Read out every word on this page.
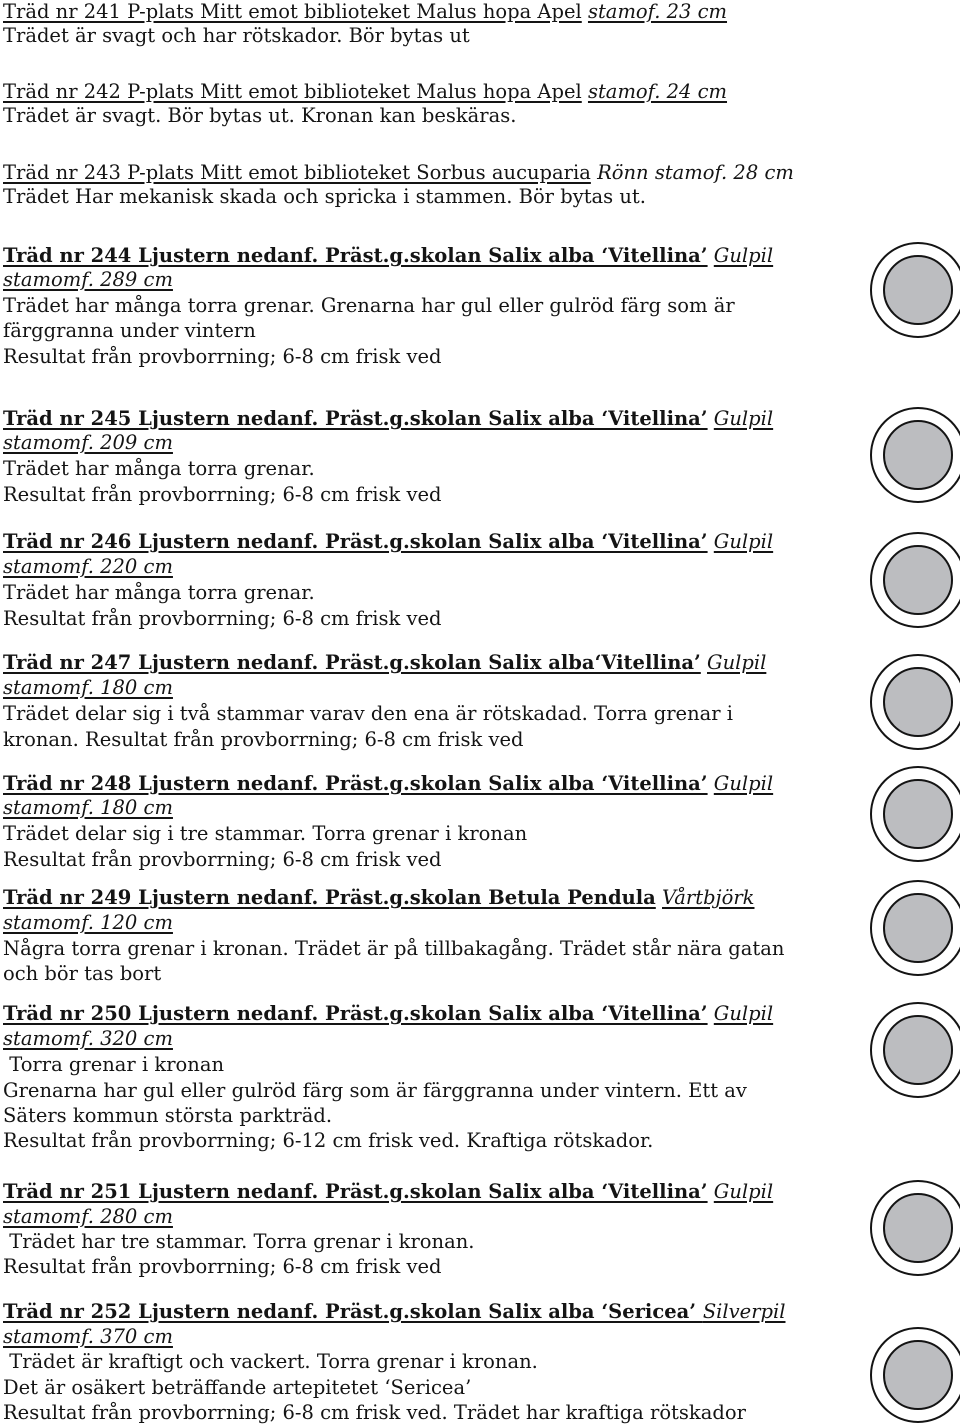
Träd nr 241 P-plats Mitt emot biblioteket Malus hopa Apel stamof. 23 cm
Trädet är svagt och har rötskador. Bör bytas ut
Träd nr 242 P-plats Mitt emot biblioteket Malus hopa Apel stamof. 24 cm
Trädet är svagt. Bör bytas ut. Kronan kan beskäras.
Träd nr 243 P-plats Mitt emot biblioteket Sorbus aucuparia Rönn stamof. 28 cm
Trädet Har mekanisk skada och spricka i stammen. Bör bytas ut.
Träd nr 244 Ljustern nedanf. Präst.g.skolan Salix alba ‘Vitellina’ Gulpil
stamomf. 289 cm
Trädet har många torra grenar. Grenarna har gul eller gulröd färg som är
färggranna under vintern
Resultat från provborrning; 6-8 cm frisk ved
Träd nr 245 Ljustern nedanf. Präst.g.skolan Salix alba ‘Vitellina’ Gulpil
stamomf. 209 cm
Trädet har många torra grenar.
Resultat från provborrning; 6-8 cm frisk ved
Träd nr 246 Ljustern nedanf. Präst.g.skolan Salix alba ‘Vitellina’ Gulpil
stamomf. 220 cm
Trädet har många torra grenar.
Resultat från provborrning; 6-8 cm frisk ved
Träd nr 247 Ljustern nedanf. Präst.g.skolan Salix alba‘Vitellina’ Gulpil
stamomf. 180 cm
Trädet delar sig i två stammar varav den ena är rötskadad. Torra grenar i
kronan. Resultat från provborrning; 6-8 cm frisk ved
Träd nr 248 Ljustern nedanf. Präst.g.skolan Salix alba ‘Vitellina’ Gulpil
stamomf. 180 cm
Trädet delar sig i tre stammar. Torra grenar i kronan
Resultat från provborrning; 6-8 cm frisk ved
Träd nr 249 Ljustern nedanf. Präst.g.skolan Betula Pendula Vårtbjörk
stamomf. 120 cm
Några torra grenar i kronan. Trädet är på tillbakagång. Trädet står nära gatan
och bör tas bort
Träd nr 250 Ljustern nedanf. Präst.g.skolan Salix alba ‘Vitellina’ Gulpil
stamomf. 320 cm
Torra grenar i kronan
Grenarna har gul eller gulröd färg som är färggranna under vintern. Ett av
Säters kommun största parkträd.
Resultat från provborrning; 6-12 cm frisk ved. Kraftiga rötskador.
Träd nr 251 Ljustern nedanf. Präst.g.skolan Salix alba ‘Vitellina’ Gulpil
stamomf. 280 cm
Trädet har tre stammar. Torra grenar i kronan.
Resultat från provborrning; 6-8 cm frisk ved
Träd nr 252 Ljustern nedanf. Präst.g.skolan Salix alba ‘Sericea’ Silverpil
stamomf. 370 cm
Trädet är kraftigt och vackert. Torra grenar i kronan.
Det är osäkert beträffande artepitetet ‘Sericea’
Resultat från provborrning; 6-8 cm frisk ved. Trädet har kraftiga rötskador
